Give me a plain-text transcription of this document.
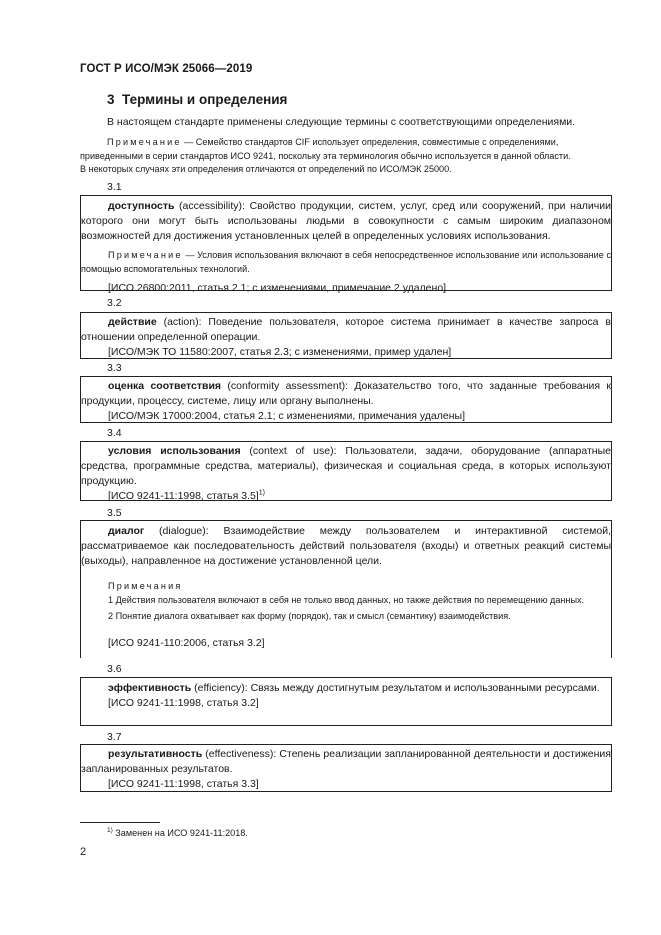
ГОСТ Р ИСО/МЭК 25066—2019
3 Термины и определения
В настоящем стандарте применены следующие термины с соответствующими определениями.
Примечание — Семейство стандартов CIF использует определения, совместимые с определениями,
приведенными в серии стандартов ИСО 9241, поскольку эта терминология обычно используется в данной области.
В некоторых случаях эти определения отличаются от определений по ИСО/МЭК 25000.
3.1
доступность (accessibility): Свойство продукции, систем, услуг, сред или сооружений, при наличии которого они могут быть использованы людьми в совокупности с самым широким диапазоном возможностей для достижения установленных целей в определенных условиях использования.
Примечание — Условия использования включают в себя непосредственное использование или использование с помощью вспомогательных технологий.
[ИСО 26800:2011, статья 2.1; с изменениями, примечание 2 удалено]
3.2
действие (action): Поведение пользователя, которое система принимает в качестве запроса в отношении определенной операции.
[ИСО/МЭК ТО 11580:2007, статья 2.3; с изменениями, пример удален]
3.3
оценка соответствия (conformity assessment): Доказательство того, что заданные требования к продукции, процессу, системе, лицу или органу выполнены.
[ИСО/МЭК 17000:2004, статья 2.1; с изменениями, примечания удалены]
3.4
условия использования (context of use): Пользователи, задачи, оборудование (аппаратные средства, программные средства, материалы), физическая и социальная среда, в которых используют продукцию.
[ИСО 9241-11:1998, статья 3.5]$^{1)}$
3.5
диалог (dialogue): Взаимодействие между пользователем и интерактивной системой, рассматриваемое как последовательность действий пользователя (входы) и ответных реакций системы (выходы), направленное на достижение установленной цели.
Примечания
1 Действия пользователя включают в себя не только ввод данных, но также действия по перемещению данных.
2 Понятие диалога охватывает как форму (порядок), так и смысл (семантику) взаимодействия.
[ИСО 9241-110:2006, статья 3.2]
3.6
эффективность (efficiency): Связь между достигнутым результатом и использованными ресурсами.
[ИСО 9241-11:1998, статья 3.2]
3.7
результативность (effectiveness): Степень реализации запланированной деятельности и достижения запланированных результатов.
[ИСО 9241-11:1998, статья 3.3]
$^{1)}$ Заменен на ИСО 9241-11:2018.
2
